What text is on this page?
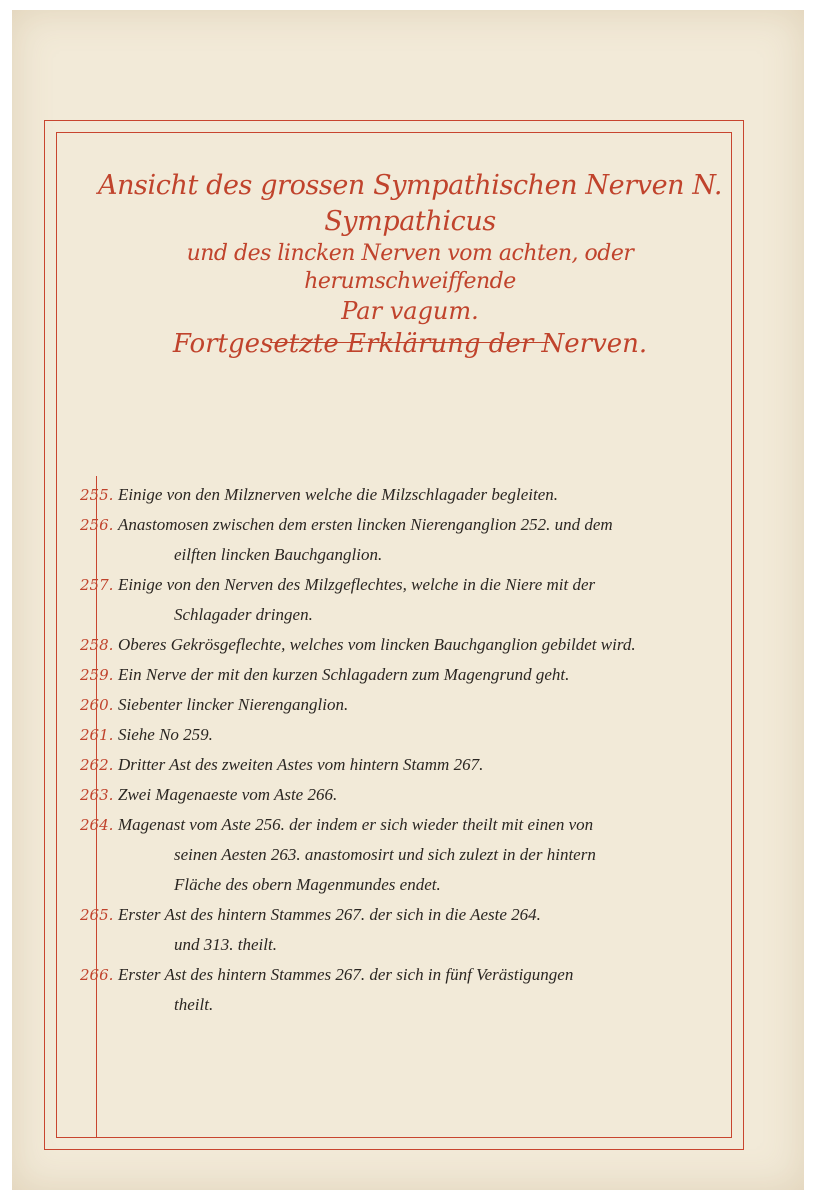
Ansicht des grossen Sympathischen Nerven N. Sympathicus
und des lincken Nerven vom achten, oder herumschweiffende
Par vagum.
Fortgesetzte Erklärung der Nerven.
255. Einige von den Milznerven welche die Milzschlagader begleiten.
256. Anastomosen zwischen dem ersten lincken Nierenganglion 252. und dem
eilften lincken Bauchganglion.
257. Einige von den Nerven des Milzgeflechtes, welche in die Niere mit der
Schlagader dringen.
258. Oberes Gekrösgeflechte, welches vom lincken Bauchganglion gebildet wird.
259. Ein Nerve der mit den kurzen Schlagadern zum Magengrund geht.
260. Siebenter lincker Nierenganglion.
261. Siehe No 259.
262. Dritter Ast des zweiten Astes vom hintern Stamm 267.
263. Zwei Magenaeste vom Aste 266.
264. Magenast vom Aste 256. der indem er sich wieder theilt mit einen von
seinen Aesten 263. anastomosirt und sich zulezt in der hintern
Fläche des obern Magenmundes endet.
265. Erster Ast des hintern Stammes 267. der sich in die Aeste 264.
und 313. theilt.
266. Erster Ast des hintern Stammes 267. der sich in fünf Verästigungen
theilt.
